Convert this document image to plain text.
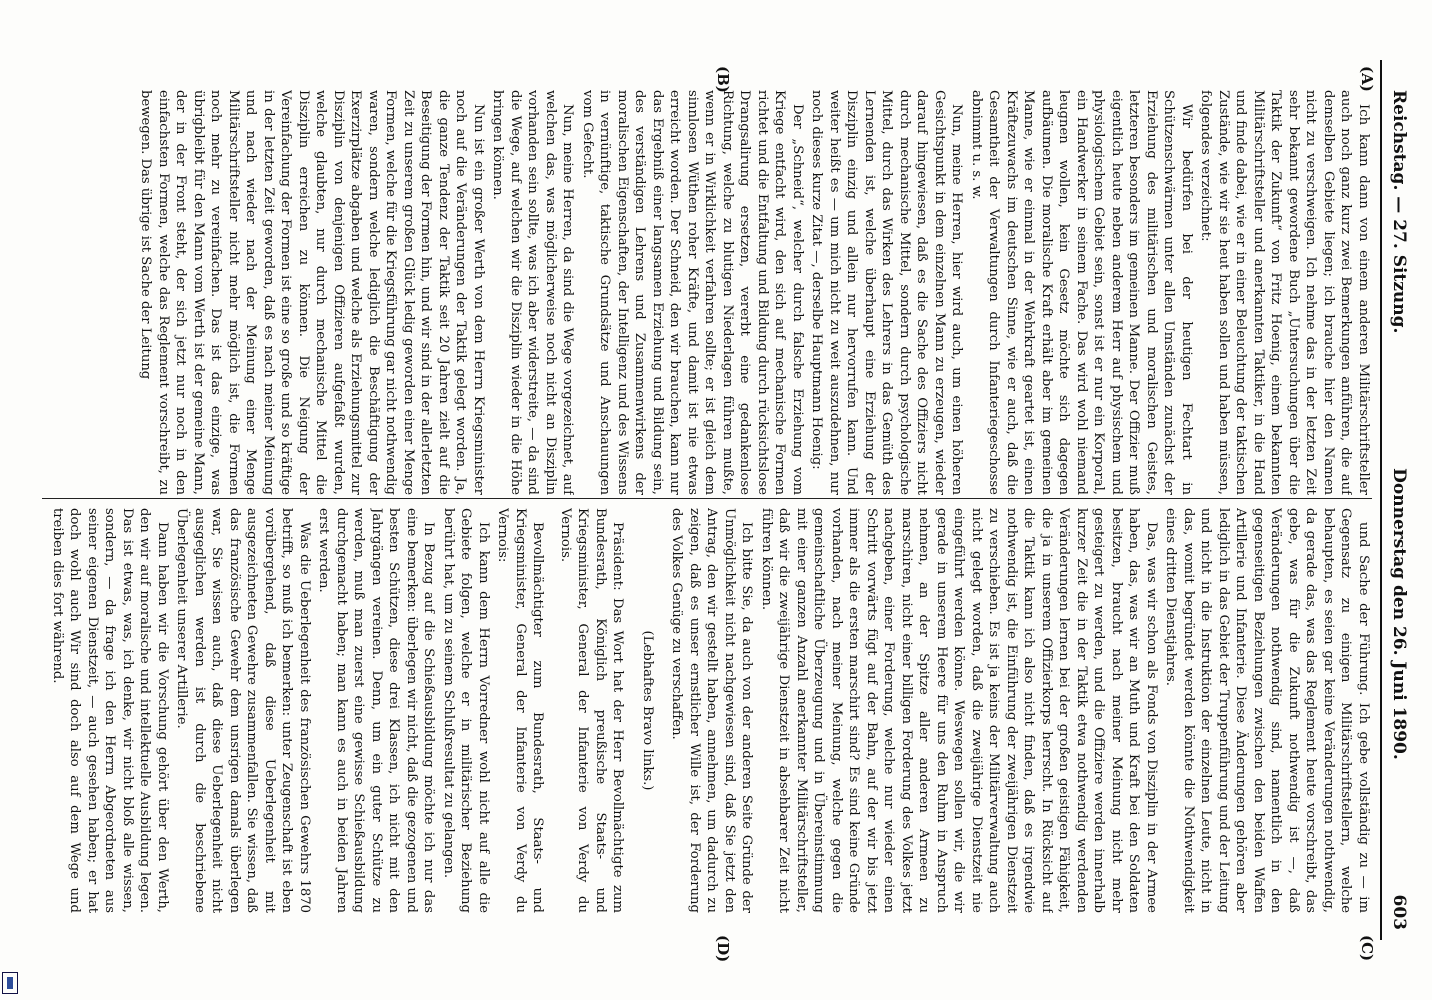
Reichstag. — 27. Sitzung.
Donnerstag den 26. Juni 1890.
603
(A)
(B)
(C)
(D)

Ich kann dann von einem anderen Militärschriftsteller auch noch ganz kurz zwei Bemerkungen anführen, die auf demselben Gebiete liegen; ich brauche hier den Namen nicht zu verschweigen. Ich nehme das in der letzten Zeit sehr bekannt gewordene Buch „Untersuchungen über die Taktik der Zukunft“ von Fritz Hoenig, einem bekannten Militärschriftsteller und anerkannten Taktiker, in die Hand und finde dabei, wie er in einer Beleuchtung der taktischen Zustände, wie wir sie heut haben sollen und haben müssen, folgendes verzeichnet:

Wir bedürfen bei der heutigen Fechtart in Schützenschwärmen unter allen Umständen zunächst der Erziehung des militärischen und moralischen Geistes, letzteren besonders im gemeinen Manne. Der Offizier muß eigentlich heute neben anderem Herr auf physischem und physiologischem Gebiet sein, sonst ist er nur ein Korporal, ein Handwerker in seinem Fache. Das wird wohl niemand leugnen wollen, kein Gesetz möchte sich dagegen aufbäumen. Die moralische Kraft erhält aber im gemeinen Manne, wie er einmal in der Wehrkraft geartet ist, einen Kräftezuwachs im deutschen Sinne, wie er auch, daß die Gesamtheit der Verwaltungen durch Infanteriegeschosse abnimmt u. s. w.

Nun, meine Herren, hier wird auch, um einen höheren Gesichtspunkt in dem einzelnen Mann zu erzeugen, wieder darauf hingewiesen, daß es die Sache des Offiziers nicht durch mechanische Mittel, sondern durch psychologische Mittel, durch das Wirken des Lehrers in das Gemüth des Lernenden ist, welche überhaupt eine Erziehung der Disziplin einzig und allein nur hervorrufen kann. Und weiter heißt es — um mich nicht zu weit auszudehnen, nur noch dieses kurze Zitat —, derselbe Hauptmann Hoenig:

Der „Schneid“, welcher durch falsche Erziehung vom Kriege entfacht wird, den sich auf mechanische Formen richtet und die Entfaltung und Bildung durch rücksichtslose Drangsalirung ersetzen, vererbt eine gedankenlose Richtung, welche zu blutigen Niederlagen führen mußte, wenn er in Wirklichkeit verfahren sollte; er ist gleich dem sinnlosen Wüthen roher Kräfte, und damit ist nie etwas erreicht worden. Der Schneid, den wir brauchen, kann nur das Ergebniß einer langsamen Erziehung und Bildung sein, des verständigen Lehrens und Zusammenwirkens der moralischen Eigenschaften, der Intelligenz und des Wissens in vernünftige, taktische Grundsätze und Anschauungen vom Gefecht.

Nun, meine Herren, da sind die Wege vorgezeichnet, auf welchen das, was möglicherweise noch nicht an Disziplin vorhanden sein sollte, was ich aber widerstreite, — da sind die Wege, auf welchen wir die Disziplin wieder in die Höhe bringen können.

Nun ist ein großer Werth von dem Herrn Kriegsminister noch auf die Veränderungen der Taktik gelegt worden. Ja, die ganze Tendenz der Taktik seit 20 Jahren zielt auf die Beseitigung der Formen hin, und wir sind in der allerletzten Zeit zu unserem großen Glück ledig geworden einer Menge Formen, welche für die Kriegsführung gar nicht nothwendig waren, sondern welche lediglich die Beschäftigung der Exerzirplätze abgaben und welche als Erziehungsmittel zur Disziplin von denjenigen Offizieren aufgefaßt wurden, welche glaubten, nur durch mechanische Mittel die Disziplin erreichen zu können. Die Neigung der Vereinfachung der Formen ist eine so große und so kräftige in der letzten Zeit geworden, daß es nach meiner Meinung und nach wieder nach der Meinung einer Menge Militärschriftsteller nicht mehr möglich ist, die Formen noch mehr zu vereinfachen. Das ist das einzige, was übrigbleibt für den Mann vom Werth ist der gemeine Mann, der in der Front steht, der sich jetzt nur noch in den einfachsten Formen, welche das Reglement vorschreibt, zu bewegen. Das übrige ist Sache der Leitung

und Sache der Führung. Ich gebe vollständig zu — im Gegensatz zu einigen Militärschriftstellern, welche behaupten, es seien gar keine Veränderungen nothwendig, da gerade das, was das Reglement heute vorschreibt, das gebe, was für die Zukunft nothwendig ist —, daß Veränderungen nothwendig sind, namentlich in den gegenseitigen Beziehungen zwischen den beiden Waffen Artillerie und Infanterie. Diese Änderungen gehören aber lediglich in das Gebiet der Truppenführung und der Leitung und nicht in die Instruktion der einzelnen Leute, nicht in das, womit begründet werden könnte die Nothwendigkeit eines dritten Dienstjahres.

Das, was wir schon als Fonds von Disziplin in der Armee haben, das, was wir an Muth und Kraft bei den Soldaten besitzen, braucht nach meiner Meinung nicht mehr gesteigert zu werden, und die Offiziere werden innerhalb kurzer Zeit die in der Taktik etwa nothwendig werdenden Veränderungen lernen bei der großen geistigen Fähigkeit, die ja in unserem Offizierkorps herrscht. In Rücksicht auf die Taktik kann ich also nicht finden, daß es irgendwie nothwendig ist, die Einführung der zweijährigen Dienstzeit zu verschieben. Es ist ja keins der Militärverwaltung auch nicht gelegt worden, daß die zweijährige Dienstzeit nie eingeführt werden könne. Weswegen sollen wir, die wir gerade in unserem Heere für uns den Ruhm in Anspruch nehmen, an der Spitze aller anderen Armeen zu marschiren, nicht einer billigen Forderung des Volkes jetzt nachgeben, einer Forderung, welche nur wieder einen Schritt vorwärts fügt auf der Bahn, auf der wir bis jetzt immer als die ersten marschirt sind? Es sind keine Gründe vorhanden, nach meiner Meinung, welche gegen die gemeinschaftliche Überzeugung und in Übereinstimmung mit einer ganzen Anzahl anerkannter Militärschriftsteller, daß wir die zweijährige Dienstzeit in absehbarer Zeit nicht führen können.

Ich bitte Sie, da auch von der anderen Seite Gründe der Unmöglichkeit nicht nachgewiesen sind, daß Sie jetzt den Antrag, den wir gestellt haben, annehmen, um dadurch zu zeigen, daß es unser ernstlicher Wille ist, der Forderung des Volkes Genüge zu verschaffen.

(Lebhaftes Bravo links.)

Präsident: Das Wort hat der Herr Bevollmächtigte zum Bundesrath, Königlich preußische Staats- und Kriegsminister, General der Infanterie von Verdy du Vernois.

Bevollmächtigter zum Bundesrath, Staats- und Kriegsminister, General der Infanterie von Verdy du Vernois:

Ich kann dem Herrn Vorredner wohl nicht auf alle die Gebiete folgen, welche er in militärischer Beziehung berührt hat, um zu seinem Schlußresultat zu gelangen.

In Bezug auf die Schießausbildung möchte ich nur das eine bemerken: überlegen wir nicht, daß die gezogenen und besten Schützen, diese drei Klassen, ich nicht mit den Jahrgängen vereinen. Denn, um ein guter Schütze zu werden, muß man zuerst eine gewisse Schießausbildung durchgemacht haben; man kann es auch in beiden Jahren erst werden.

Was die Ueberlegenheit des französischen Gewehrs 1870 betrifft, so muß ich bemerken: unter Zeugenschaft ist eben vorübergehend, daß diese Ueberlegenheit mit ausgezeichneten Gewehre zusammenfallen. Sie wissen, daß das französische Gewehr dem unsrigen damals überlegen war, Sie wissen auch, daß diese Ueberlegenheit nicht ausgeglichen werden ist durch die beschriebene Überlegenheit unserer Artillerie.

Dann haben wir die Vorschung gehört über den Werth, den wir auf moralische und intellektuelle Ausbildung legen. Das ist etwas, was, ich denke, wir nicht bloß alle wissen, sondern, — da frage ich den Herrn Abgeordneten aus seiner eigenen Dienstzeit, — auch gesehen haben; er hat doch wohl auch Wir sind doch also auf dem Wege und treiben dies fort während.
